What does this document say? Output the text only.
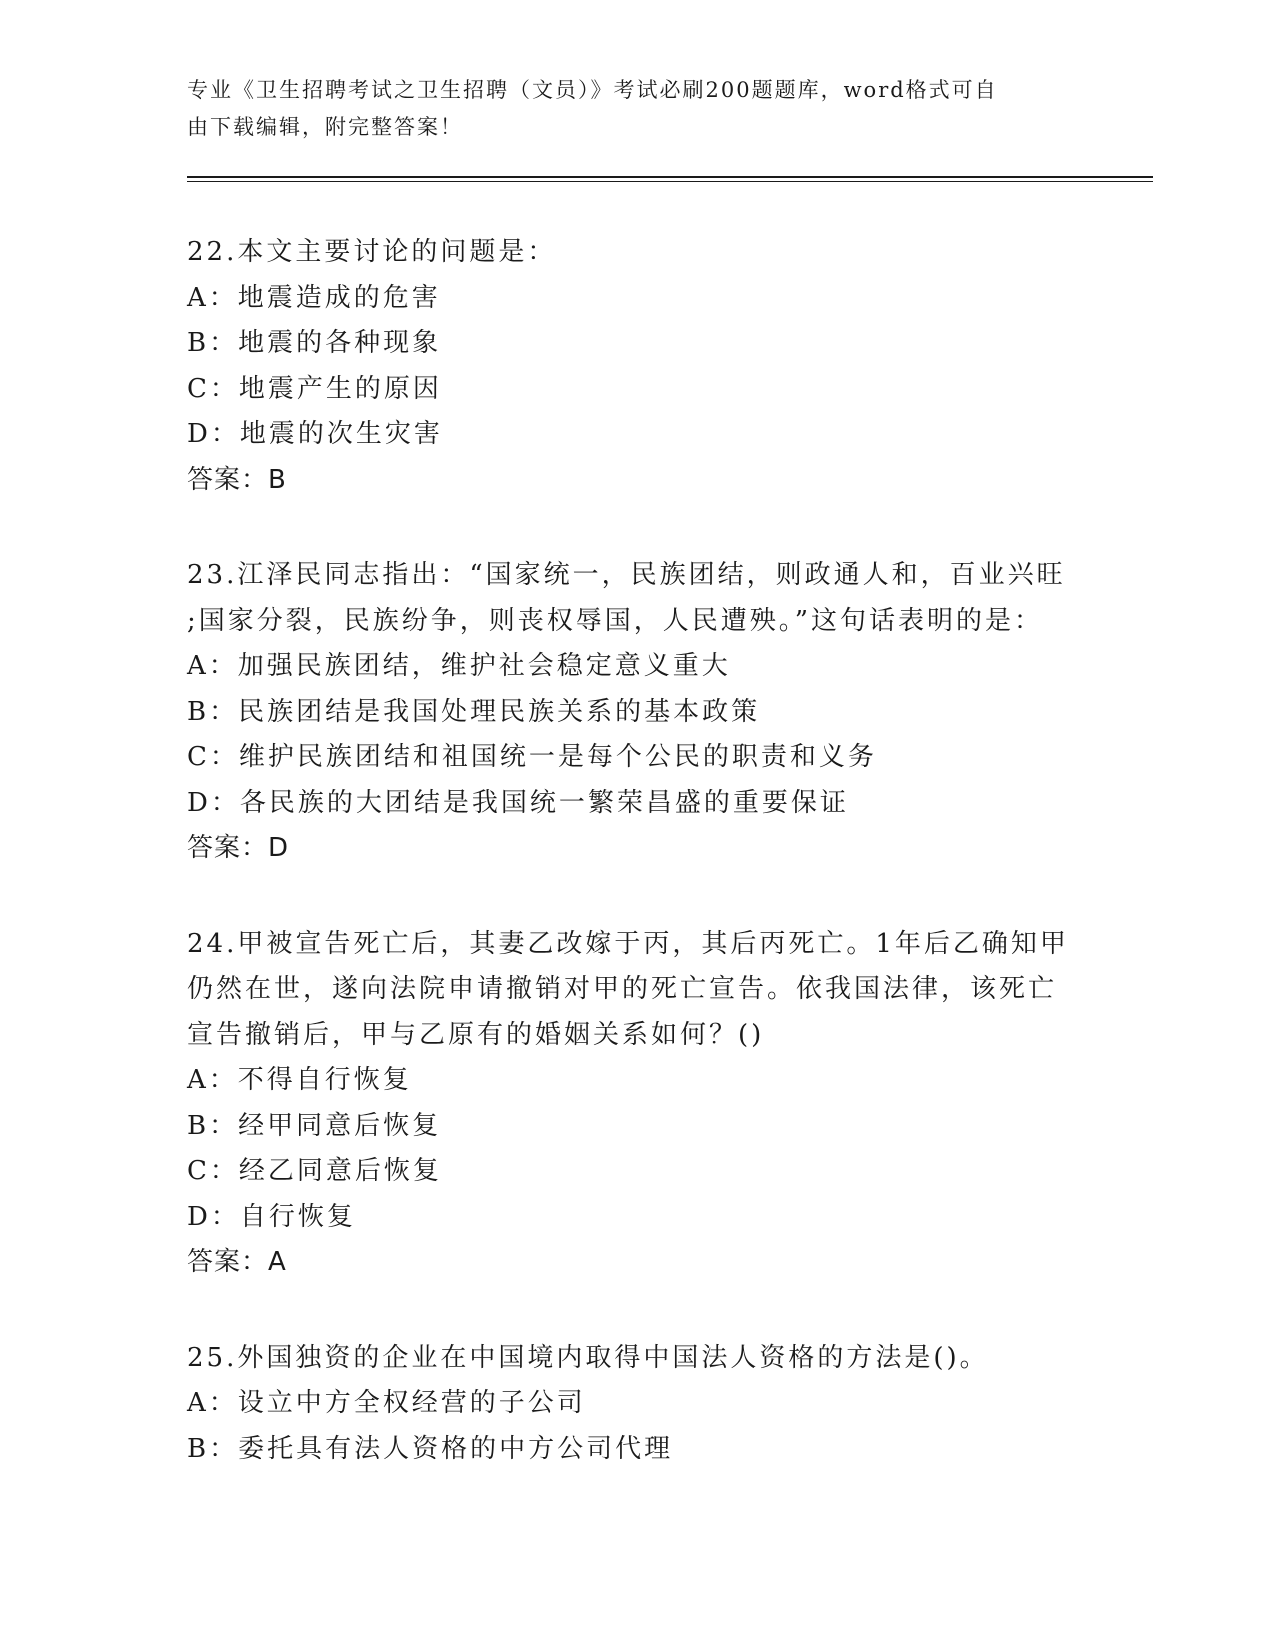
专业《卫生招聘考试之卫生招聘（文员）》考试必刷200题题库，word格式可自
由下载编辑，附完整答案！

22.本文主要讨论的问题是：

A：地震造成的危害

B：地震的各种现象

C：地震产生的原因

D：地震的次生灾害

答案：B

23.江泽民同志指出：“国家统一，民族团结，则政通人和，百业兴旺

;国家分裂，民族纷争，则丧权辱国，人民遭殃。”这句话表明的是：

A：加强民族团结，维护社会稳定意义重大

B：民族团结是我国处理民族关系的基本政策

C：维护民族团结和祖国统一是每个公民的职责和义务

D：各民族的大团结是我国统一繁荣昌盛的重要保证

答案：D

24.甲被宣告死亡后，其妻乙改嫁于丙，其后丙死亡。1年后乙确知甲

仍然在世，遂向法院申请撤销对甲的死亡宣告。依我国法律，该死亡

宣告撤销后，甲与乙原有的婚姻关系如何？()

A：不得自行恢复

B：经甲同意后恢复

C：经乙同意后恢复

D：自行恢复

答案：A

25.外国独资的企业在中国境内取得中国法人资格的方法是()。

A：设立中方全权经营的子公司

B：委托具有法人资格的中方公司代理
